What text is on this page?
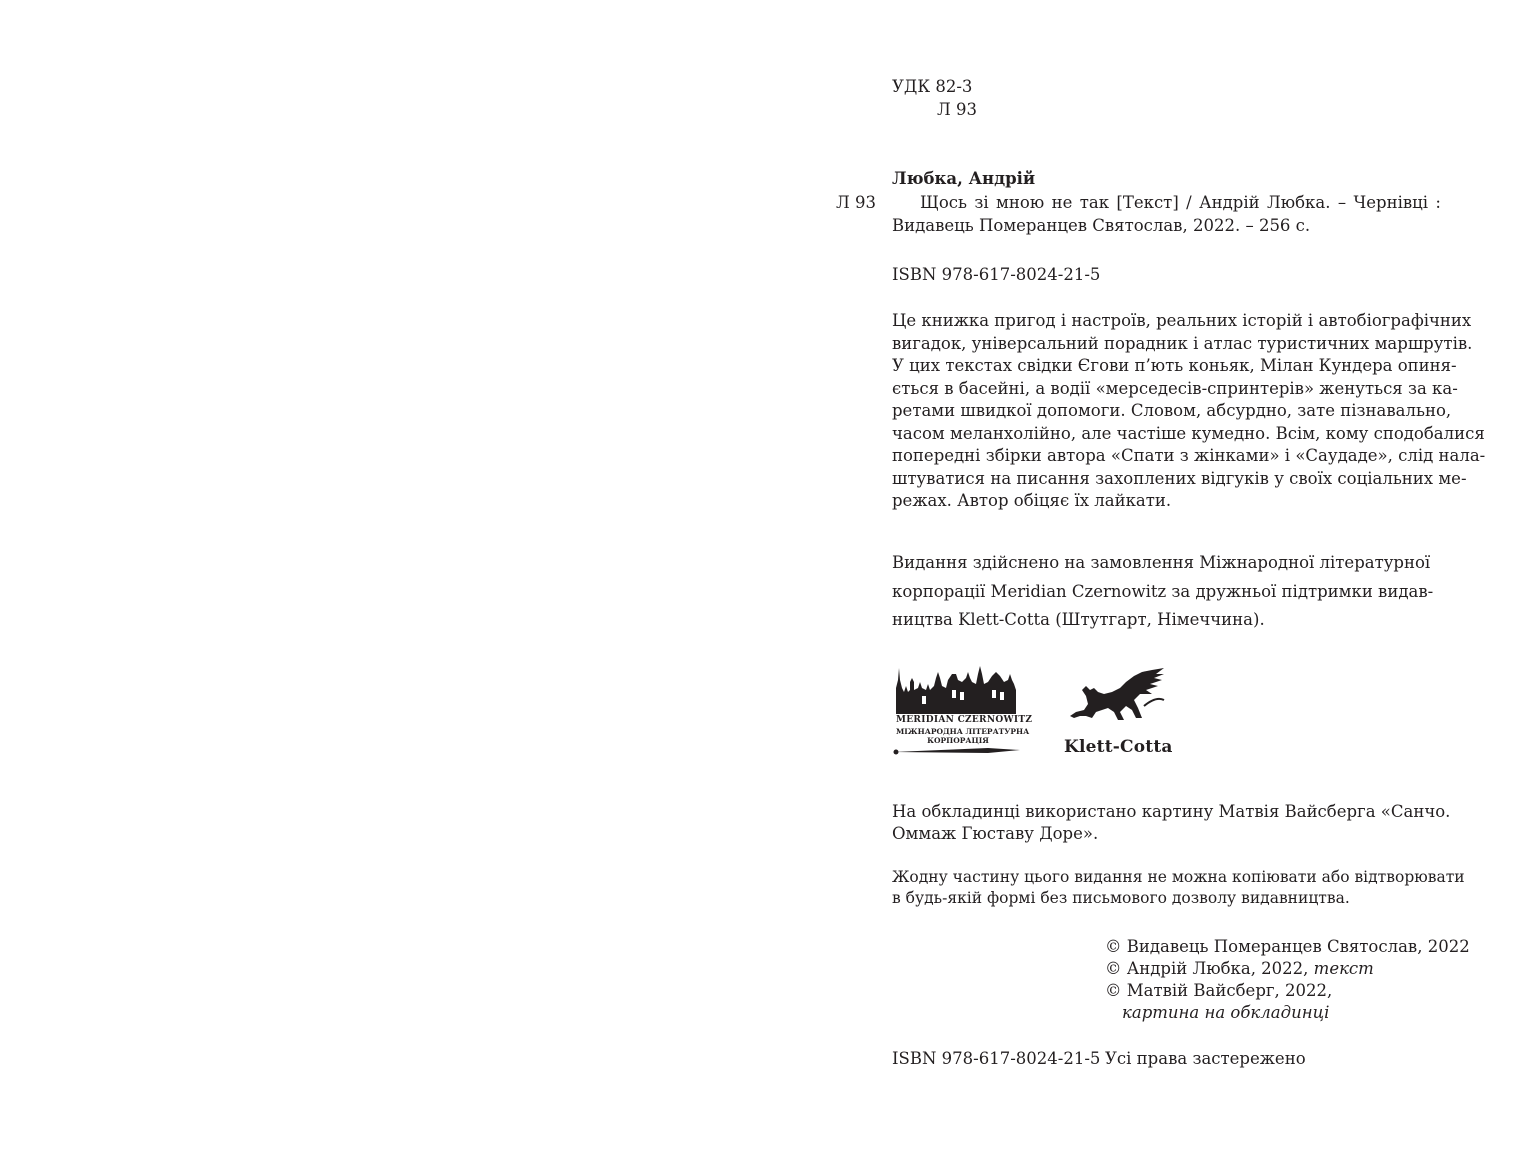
УДК 82-3

Л 93

Любка, Андрій

Л 93	Щось зі мною не так [Текст] / Андрій Любка. – Чернівці :
Видавець Померанцев Святослав, 2022. – 256 с.

ISBN 978-617-8024-21-5

Це книжка пригод і настроїв, реальних історій і автобіографічних
вигадок, універсальний порадник і атлас туристичних маршрутів.
У цих текстах свідки Єгови п’ють коньяк, Мілан Кундера опиня-
ється в басейні, а водії «мерседесів-спринтерів» женуться за ка-
ретами швидкої допомоги. Словом, абсурдно, зате пізнавально,
часом меланхолійно, але частіше кумедно. Всім, кому сподобалися
попередні збірки автора «Спати з жінками» і «Саудаде», слід нала-
штуватися на писання захоплених відгуків у своїх соціальних ме-
режах. Автор обіцяє їх лайкати.
Видання здійснено на замовлення Міжнародної літературної
корпорації Meridian Czernowitz за дружньої підтримки видав-
ництва Klett-Cotta (Штутгарт, Німеччина).
MERIDIAN CZERNOWITZ
МІЖНАРОДНА ЛІТЕРАТУРНА
КОРПОРАЦІЯ	Klett-Cotta

На обкладинці використано картину Матвія Вайсберга «Санчо.

Оммаж Гюставу Доре».

Жодну частину цього видання не можна копіювати або відтворювати

в будь-якій формі без письмового дозволу видавництва.

© Видавець Померанцев Святослав, 2022

© Андрій Любка, 2022, текст

© Матвій Вайсберг, 2022,

картина на обкладинці

ISBN 978-617-8024-21-5 Усі права застережено
